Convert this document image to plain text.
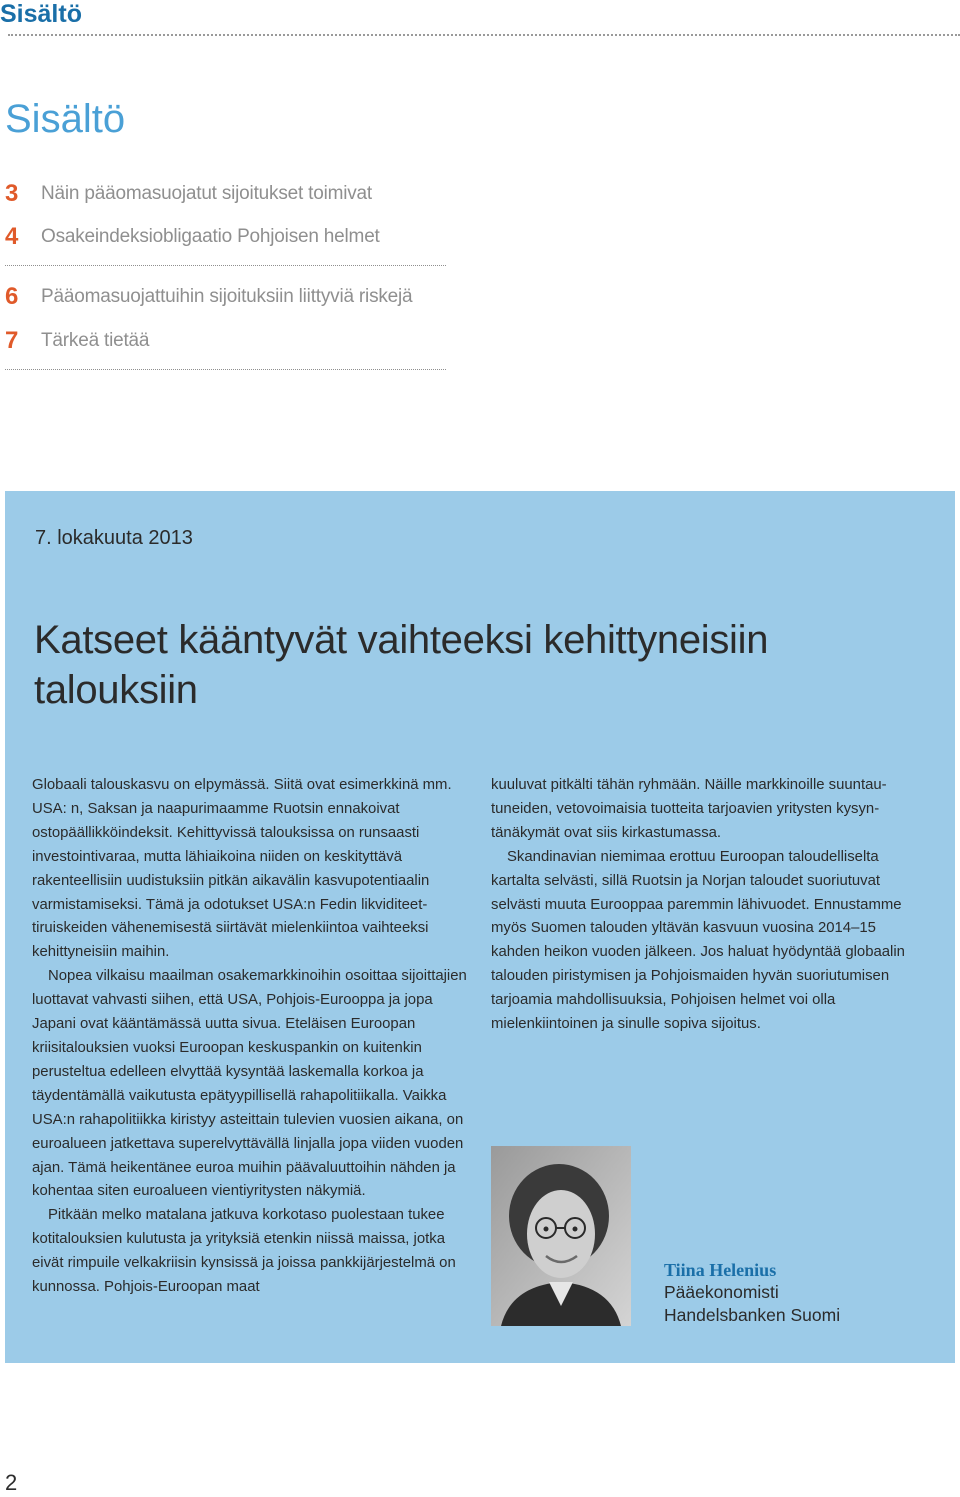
Sisältö
Sisältö
3	Näin pääomasuojatut sijoitukset toimivat
4	Osakeindeksiobligaatio Pohjoisen helmet
6	Pääomasuojattuihin sijoituksiin liittyviä riskejä
7	Tärkeä tietää
7. lokakuuta 2013
Katseet kääntyvät vaihteeksi kehittyneisiin talouksiin

Globaali talouskasvu on elpymässä. Siitä ovat esimerkkinä mm. USA: n, Saksan ja naapurimaamme Ruotsin ennakoivat ostopäällikköindeksit. Kehittyvissä talouksissa on runsaasti investointivaraa, mutta lähiaikoina niiden on keskityttävä rakenteellisiin uudistuksiin pitkän aikavälin kasvupotentiaalin varmistamiseksi. Tämä ja odotukset USA:n Fedin likviditeettiruiskeiden vähenemisestä siirtävät mielenkiintoa vaihteeksi kehittyneisiin maihin.

Nopea vilkaisu maailman osakemarkkinoihin osoittaa sijoittajien luottavat vahvasti siihen, että USA, Pohjois-Eurooppa ja jopa Japani ovat kääntämässä uutta sivua. Eteläisen Euroopan kriisitalouksien vuoksi Euroopan keskuspankin on kuitenkin perusteltua edelleen elvyttää kysyntää laskemalla korkoa ja täydentämällä vaikutusta epätyypillisellä rahapolitiikalla. Vaikka USA:n rahapolitiikka kiristyy asteittain tulevien vuosien aikana, on euroalueen jatkettava superelvyttävällä linjalla jopa viiden vuoden ajan. Tämä heikentänee euroa muihin päävaluuttoihin nähden ja kohentaa siten euroalueen vientiyritysten näkymiä.

Pitkään melko matalana jatkuva korkotaso puolestaan tukee kotitalouksien kulutusta ja yrityksiä etenkin niissä maissa, jotka eivät rimpuile velkakriisin kynsissä ja joissa pankkijärjestelmä on kunnossa. Pohjois-Euroopan maat

kuuluvat pitkälti tähän ryhmään. Näille markkinoille suuntautuneiden, vetovoimaisia tuotteita tarjoavien yritysten kysyntänäkymät ovat siis kirkastumassa.

Skandinavian niemimaa erottuu Euroopan taloudelliselta kartalta selvästi, sillä Ruotsin ja Norjan taloudet suoriutuvat selvästi muuta Eurooppaa paremmin lähivuodet. Ennustamme myös Suomen talouden yltävän kasvuun vuosina 2014–15 kahden heikon vuoden jälkeen. Jos haluat hyödyntää globaalin talouden piristymisen ja Pohjoismaiden hyvän suoriutumisen tarjoamia mahdollisuuksia, Pohjoisen helmet voi olla mielenkiintoinen ja sinulle sopiva sijoitus.

Tiina Helenius
Pääekonomisti
Handelsbanken Suomi
2
